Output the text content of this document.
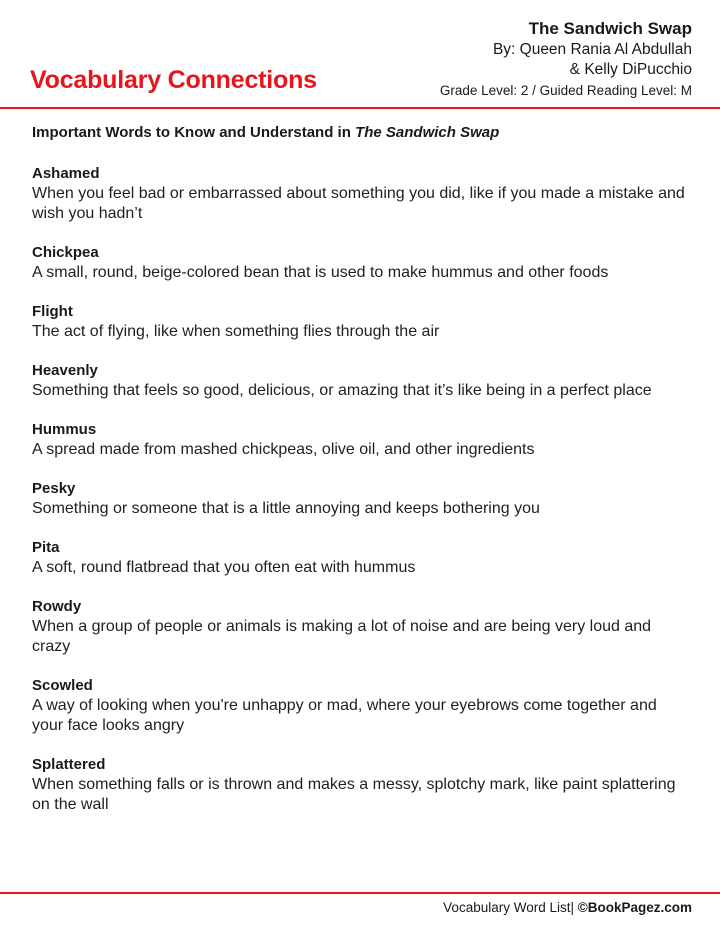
Vocabulary Connections
The Sandwich Swap
By: Queen Rania Al Abdullah
& Kelly DiPucchio
Grade Level: 2 / Guided Reading Level: M
Important Words to Know and Understand in The Sandwich Swap
Ashamed
When you feel bad or embarrassed about something you did, like if you made a mistake and wish you hadn’t
Chickpea
A small, round, beige-colored bean that is used to make hummus and other foods
Flight
The act of flying, like when something flies through the air
Heavenly
Something that feels so good, delicious, or amazing that it’s like being in a perfect place
Hummus
A spread made from mashed chickpeas, olive oil, and other ingredients
Pesky
Something or someone that is a little annoying and keeps bothering you
Pita
A soft, round flatbread that you often eat with hummus
Rowdy
When a group of people or animals is making a lot of noise and are being very loud and crazy
Scowled
A way of looking when you're unhappy or mad, where your eyebrows come together and your face looks angry
Splattered
When something falls or is thrown and makes a messy, splotchy mark, like paint splattering on the wall
Vocabulary Word List| ©BookPagez.com
